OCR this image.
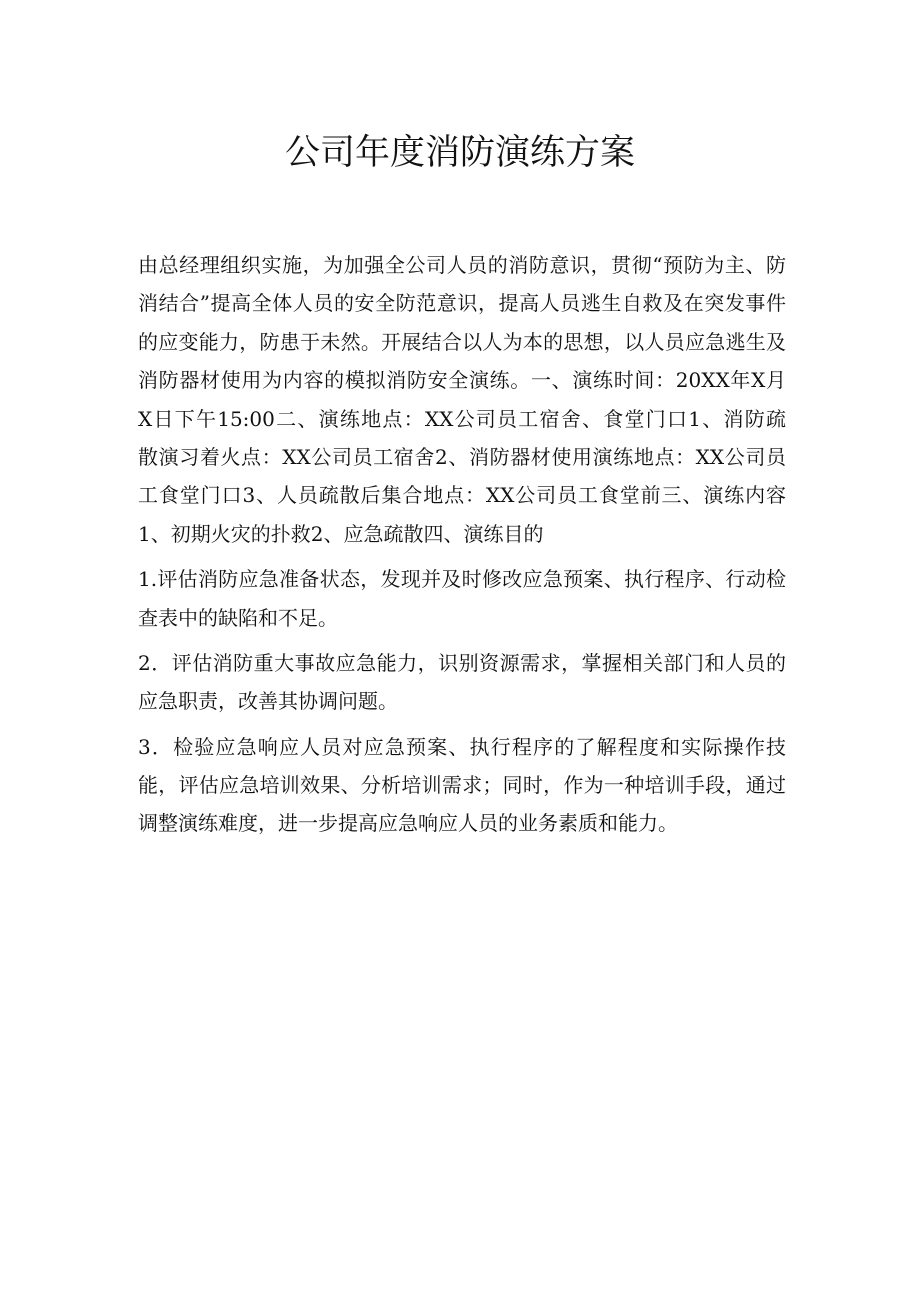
公司年度消防演练方案
由总经理组织实施，为加强全公司人员的消防意识，贯彻“预防为主、防
消结合”提高全体人员的安全防范意识，提高人员逃生自救及在突发事件
的应变能力，防患于未然。开展结合以人为本的思想，以人员应急逃生及
消防器材使用为内容的模拟消防安全演练。一、演练时间：20XX年X月
X日下午15:00二、演练地点：XX公司员工宿舍、食堂门口1、消防疏
散演习着火点：XX公司员工宿舍2、消防器材使用演练地点：XX公司员
工食堂门口3、人员疏散后集合地点：XX公司员工食堂前三、演练内容
1、初期火灾的扑救2、应急疏散四、演练目的
1.评估消防应急准备状态，发现并及时修改应急预案、执行程序、行动检
查表中的缺陷和不足。
2．评估消防重大事故应急能力，识别资源需求，掌握相关部门和人员的
应急职责，改善其协调问题。
3．检验应急响应人员对应急预案、执行程序的了解程度和实际操作技
能，评估应急培训效果、分析培训需求；同时，作为一种培训手段，通过
调整演练难度，进一步提高应急响应人员的业务素质和能力。
